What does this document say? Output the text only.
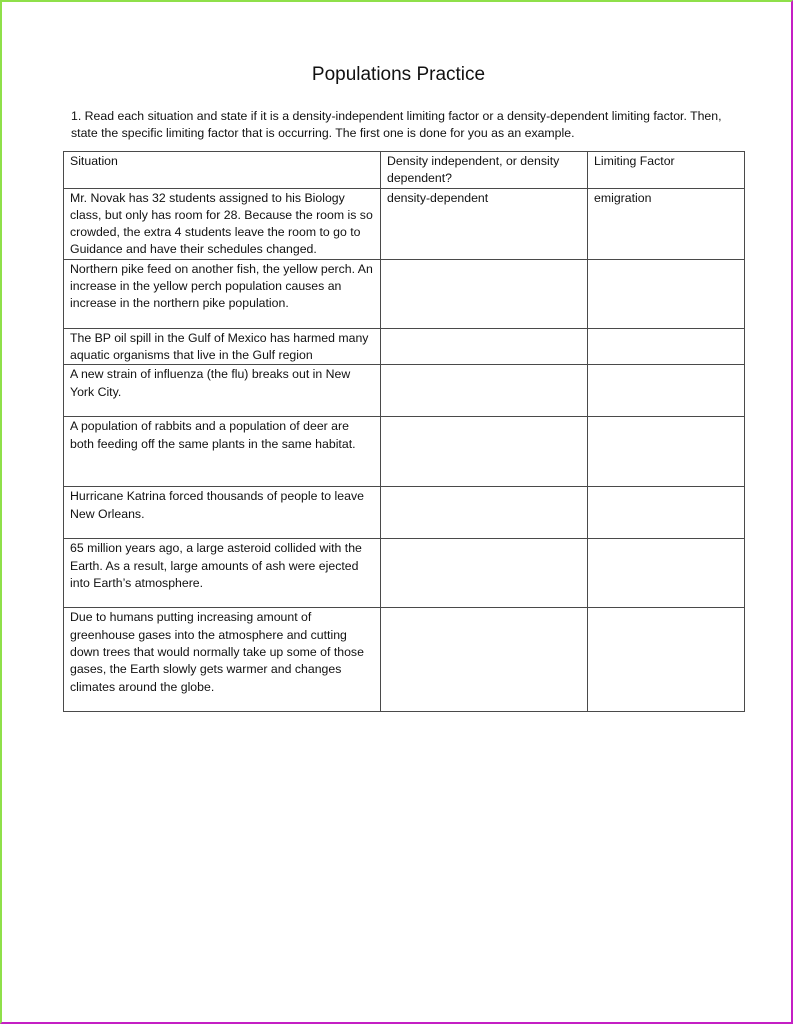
Populations Practice

1. Read each situation and state if it is a density-independent limiting factor or a density-dependent limiting factor. Then, state the specific limiting factor that is occurring. The first one is done for you as an example.

Situation	Density independent, or density dependent?	Limiting Factor
Mr. Novak has 32 students assigned to his Biology class, but only has room for 28. Because the room is so crowded, the extra 4 students leave the room to go to Guidance and have their schedules changed.	density-dependent	emigration
Northern pike feed on another fish, the yellow perch. An increase in the yellow perch population causes an increase in the northern pike population.		
The BP oil spill in the Gulf of Mexico has harmed many aquatic organisms that live in the Gulf region		
A new strain of influenza (the flu) breaks out in New York City.		
A population of rabbits and a population of deer are both feeding off the same plants in the same habitat.		
Hurricane Katrina forced thousands of people to leave New Orleans.		
65 million years ago, a large asteroid collided with the Earth. As a result, large amounts of ash were ejected into Earth’s atmosphere.		
Due to humans putting increasing amount of greenhouse gases into the atmosphere and cutting down trees that would normally take up some of those gases, the Earth slowly gets warmer and changes climates around the globe.		
